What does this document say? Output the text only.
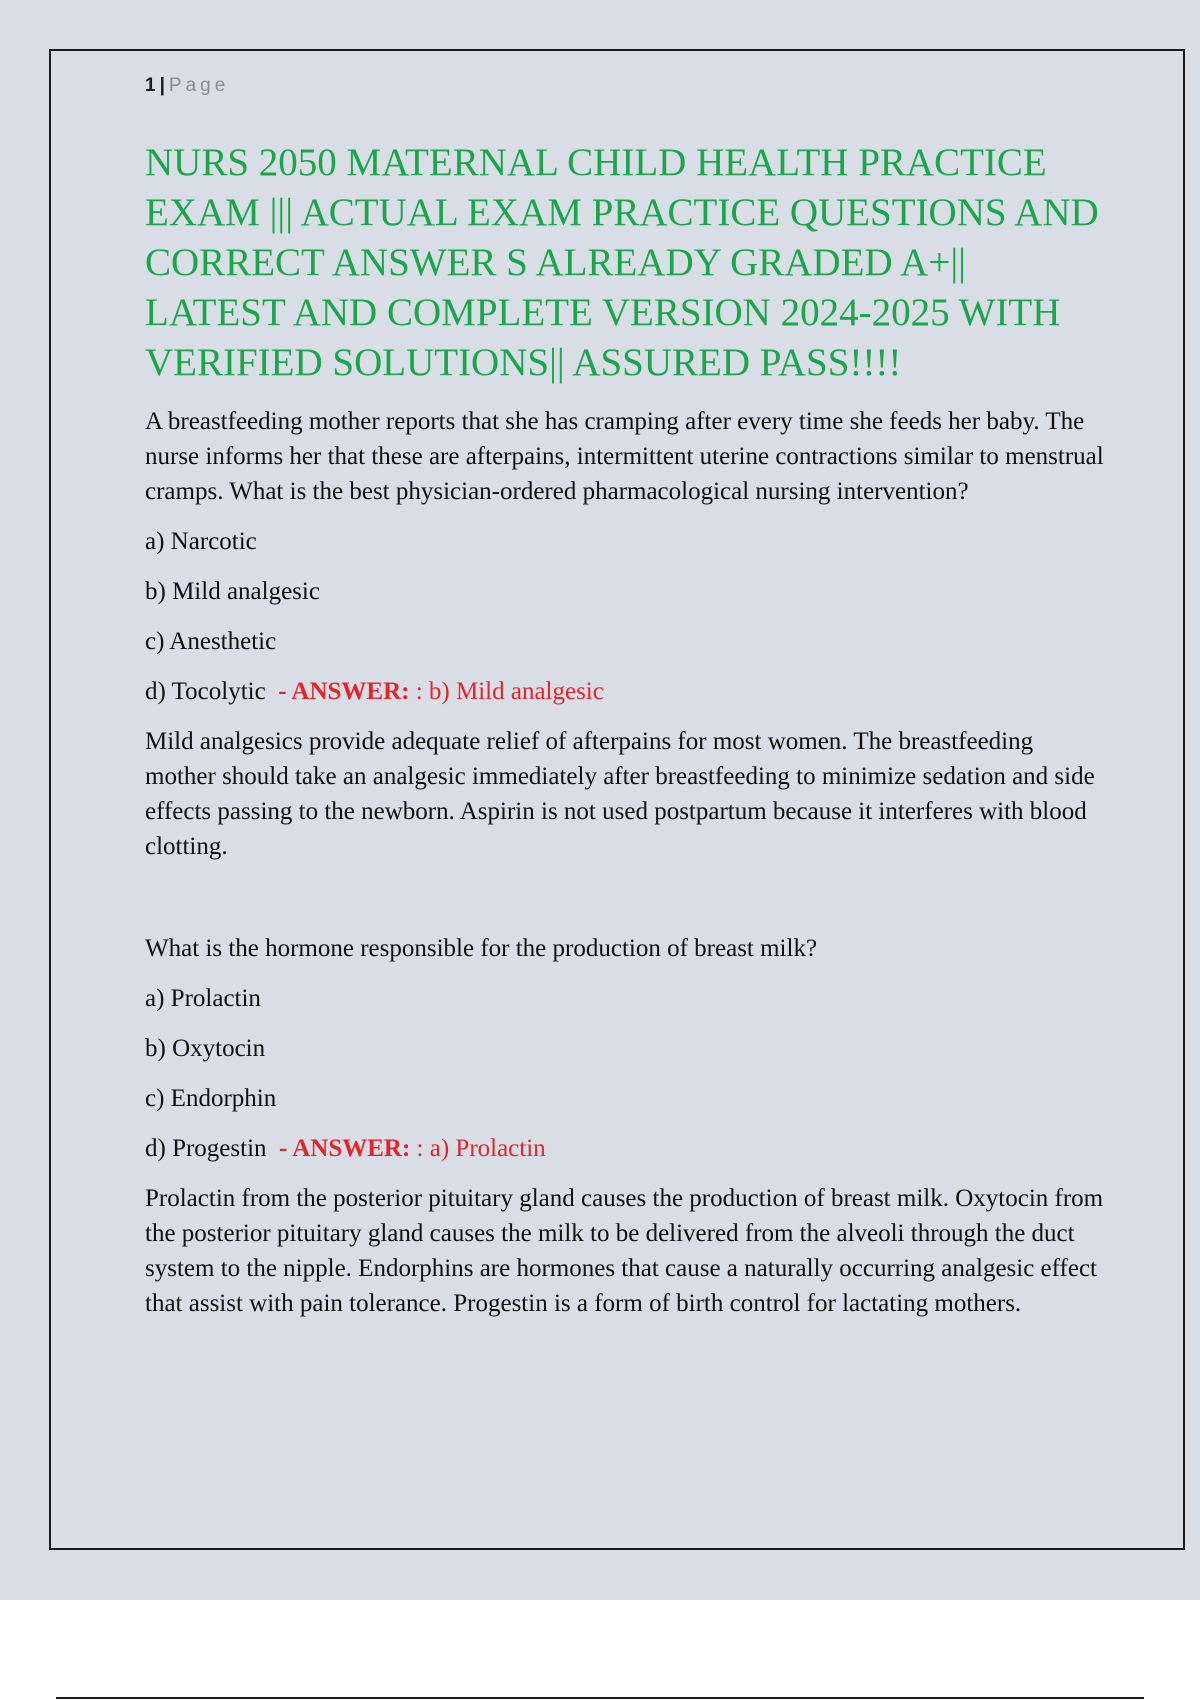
1 | Page
NURS 2050 MATERNAL CHILD HEALTH PRACTICE EXAM ||| ACTUAL EXAM PRACTICE QUESTIONS AND CORRECT ANSWER S ALREADY GRADED A+|| LATEST AND COMPLETE VERSION 2024-2025 WITH VERIFIED SOLUTIONS|| ASSURED PASS!!!!

A breastfeeding mother reports that she has cramping after every time she feeds her baby. The nurse informs her that these are afterpains, intermittent uterine contractions similar to menstrual cramps. What is the best physician-ordered pharmacological nursing intervention?

a) Narcotic

b) Mild analgesic

c) Anesthetic

d) Tocolytic - ANSWER: : b) Mild analgesic

Mild analgesics provide adequate relief of afterpains for most women. The breastfeeding mother should take an analgesic immediately after breastfeeding to minimize sedation and side effects passing to the newborn. Aspirin is not used postpartum because it interferes with blood clotting.

What is the hormone responsible for the production of breast milk?

a) Prolactin

b) Oxytocin

c) Endorphin

d) Progestin - ANSWER: : a) Prolactin

Prolactin from the posterior pituitary gland causes the production of breast milk. Oxytocin from the posterior pituitary gland causes the milk to be delivered from the alveoli through the duct system to the nipple. Endorphins are hormones that cause a naturally occurring analgesic effect that assist with pain tolerance. Progestin is a form of birth control for lactating mothers.
